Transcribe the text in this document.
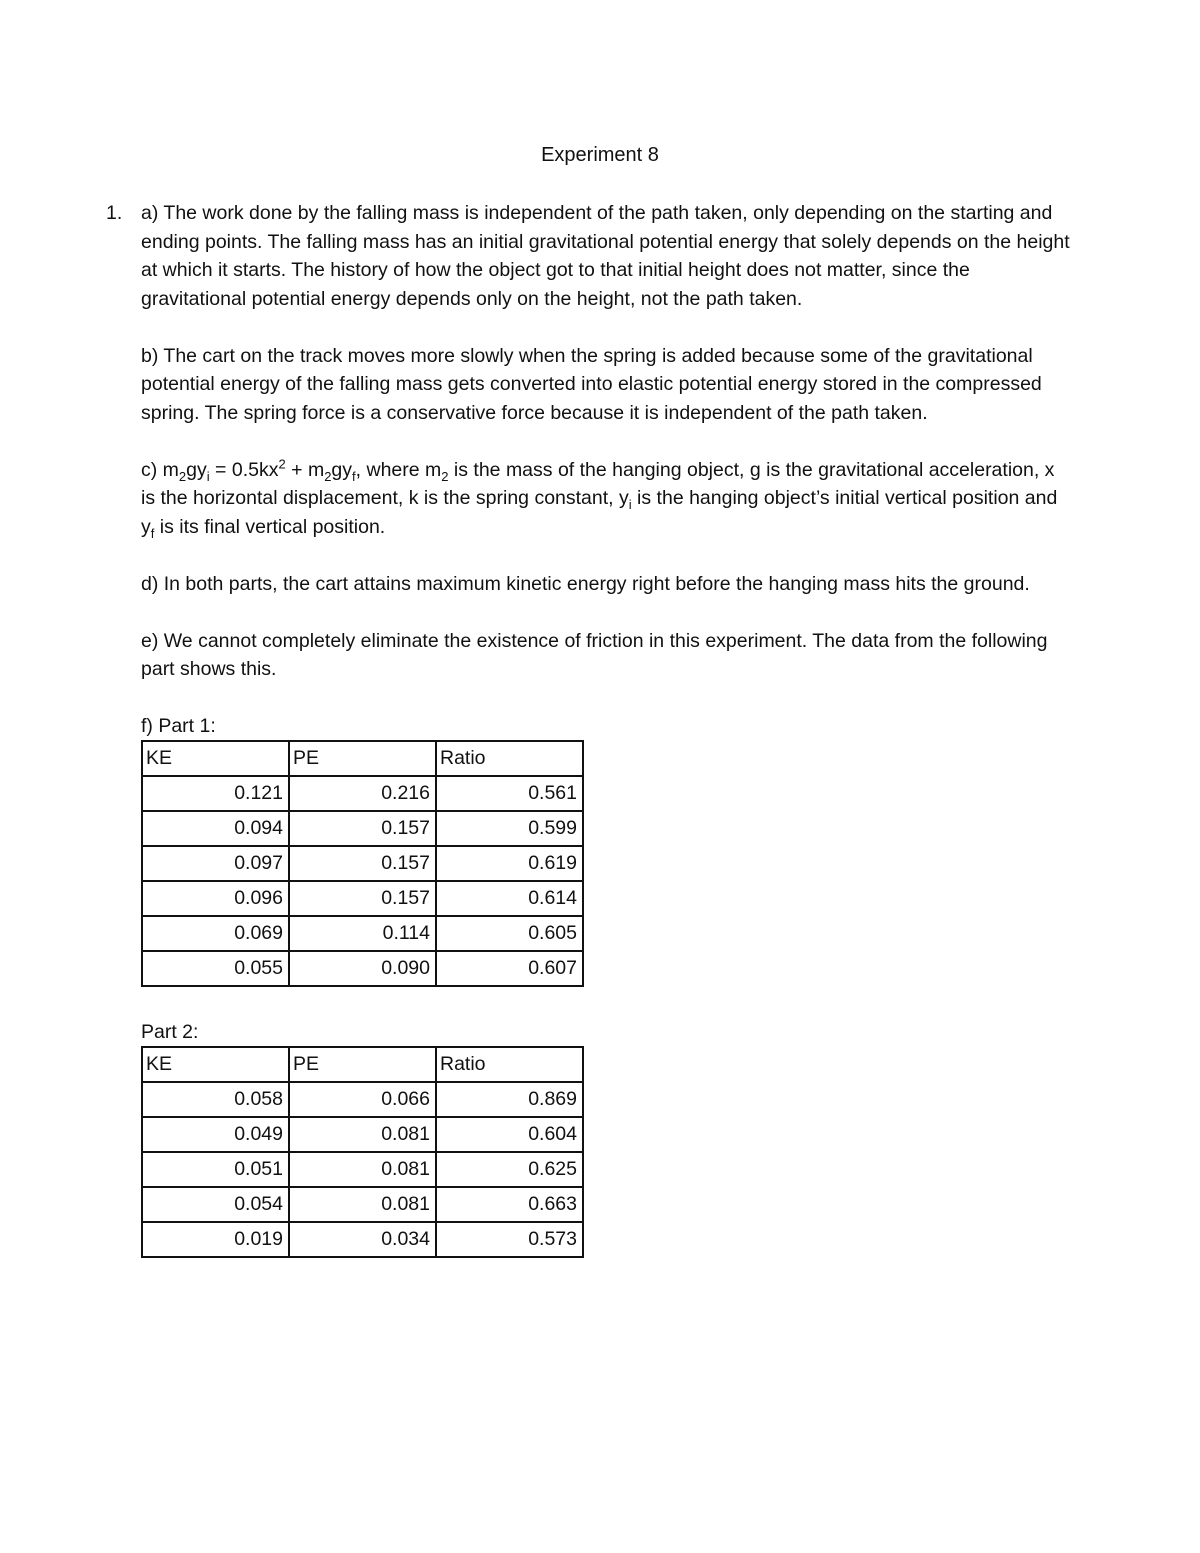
Experiment 8
1. a) The work done by the falling mass is independent of the path taken, only depending on the starting and ending points. The falling mass has an initial gravitational potential energy that solely depends on the height at which it starts. The history of how the object got to that initial height does not matter, since the gravitational potential energy depends only on the height, not the path taken.

b) The cart on the track moves more slowly when the spring is added because some of the gravitational potential energy of the falling mass gets converted into elastic potential energy stored in the compressed spring. The spring force is a conservative force because it is independent of the path taken.

c) $m_2gy_i = 0.5kx^2 + m_2gy_f$, where $m_2$ is the mass of the hanging object, g is the gravitational acceleration, x is the horizontal displacement, k is the spring constant, $y_i$ is the hanging object’s initial vertical position and $y_f$ is its final vertical position.

d) In both parts, the cart attains maximum kinetic energy right before the hanging mass hits the ground.

e) We cannot completely eliminate the existence of friction in this experiment. The data from the following part shows this.

f) Part 1:

KE	PE	Ratio
0.121	0.216	0.561
0.094	0.157	0.599
0.097	0.157	0.619
0.096	0.157	0.614
0.069	0.114	0.605
0.055	0.090	0.607

Part 2:

KE	PE	Ratio
0.058	0.066	0.869
0.049	0.081	0.604
0.051	0.081	0.625
0.054	0.081	0.663
0.019	0.034	0.573
